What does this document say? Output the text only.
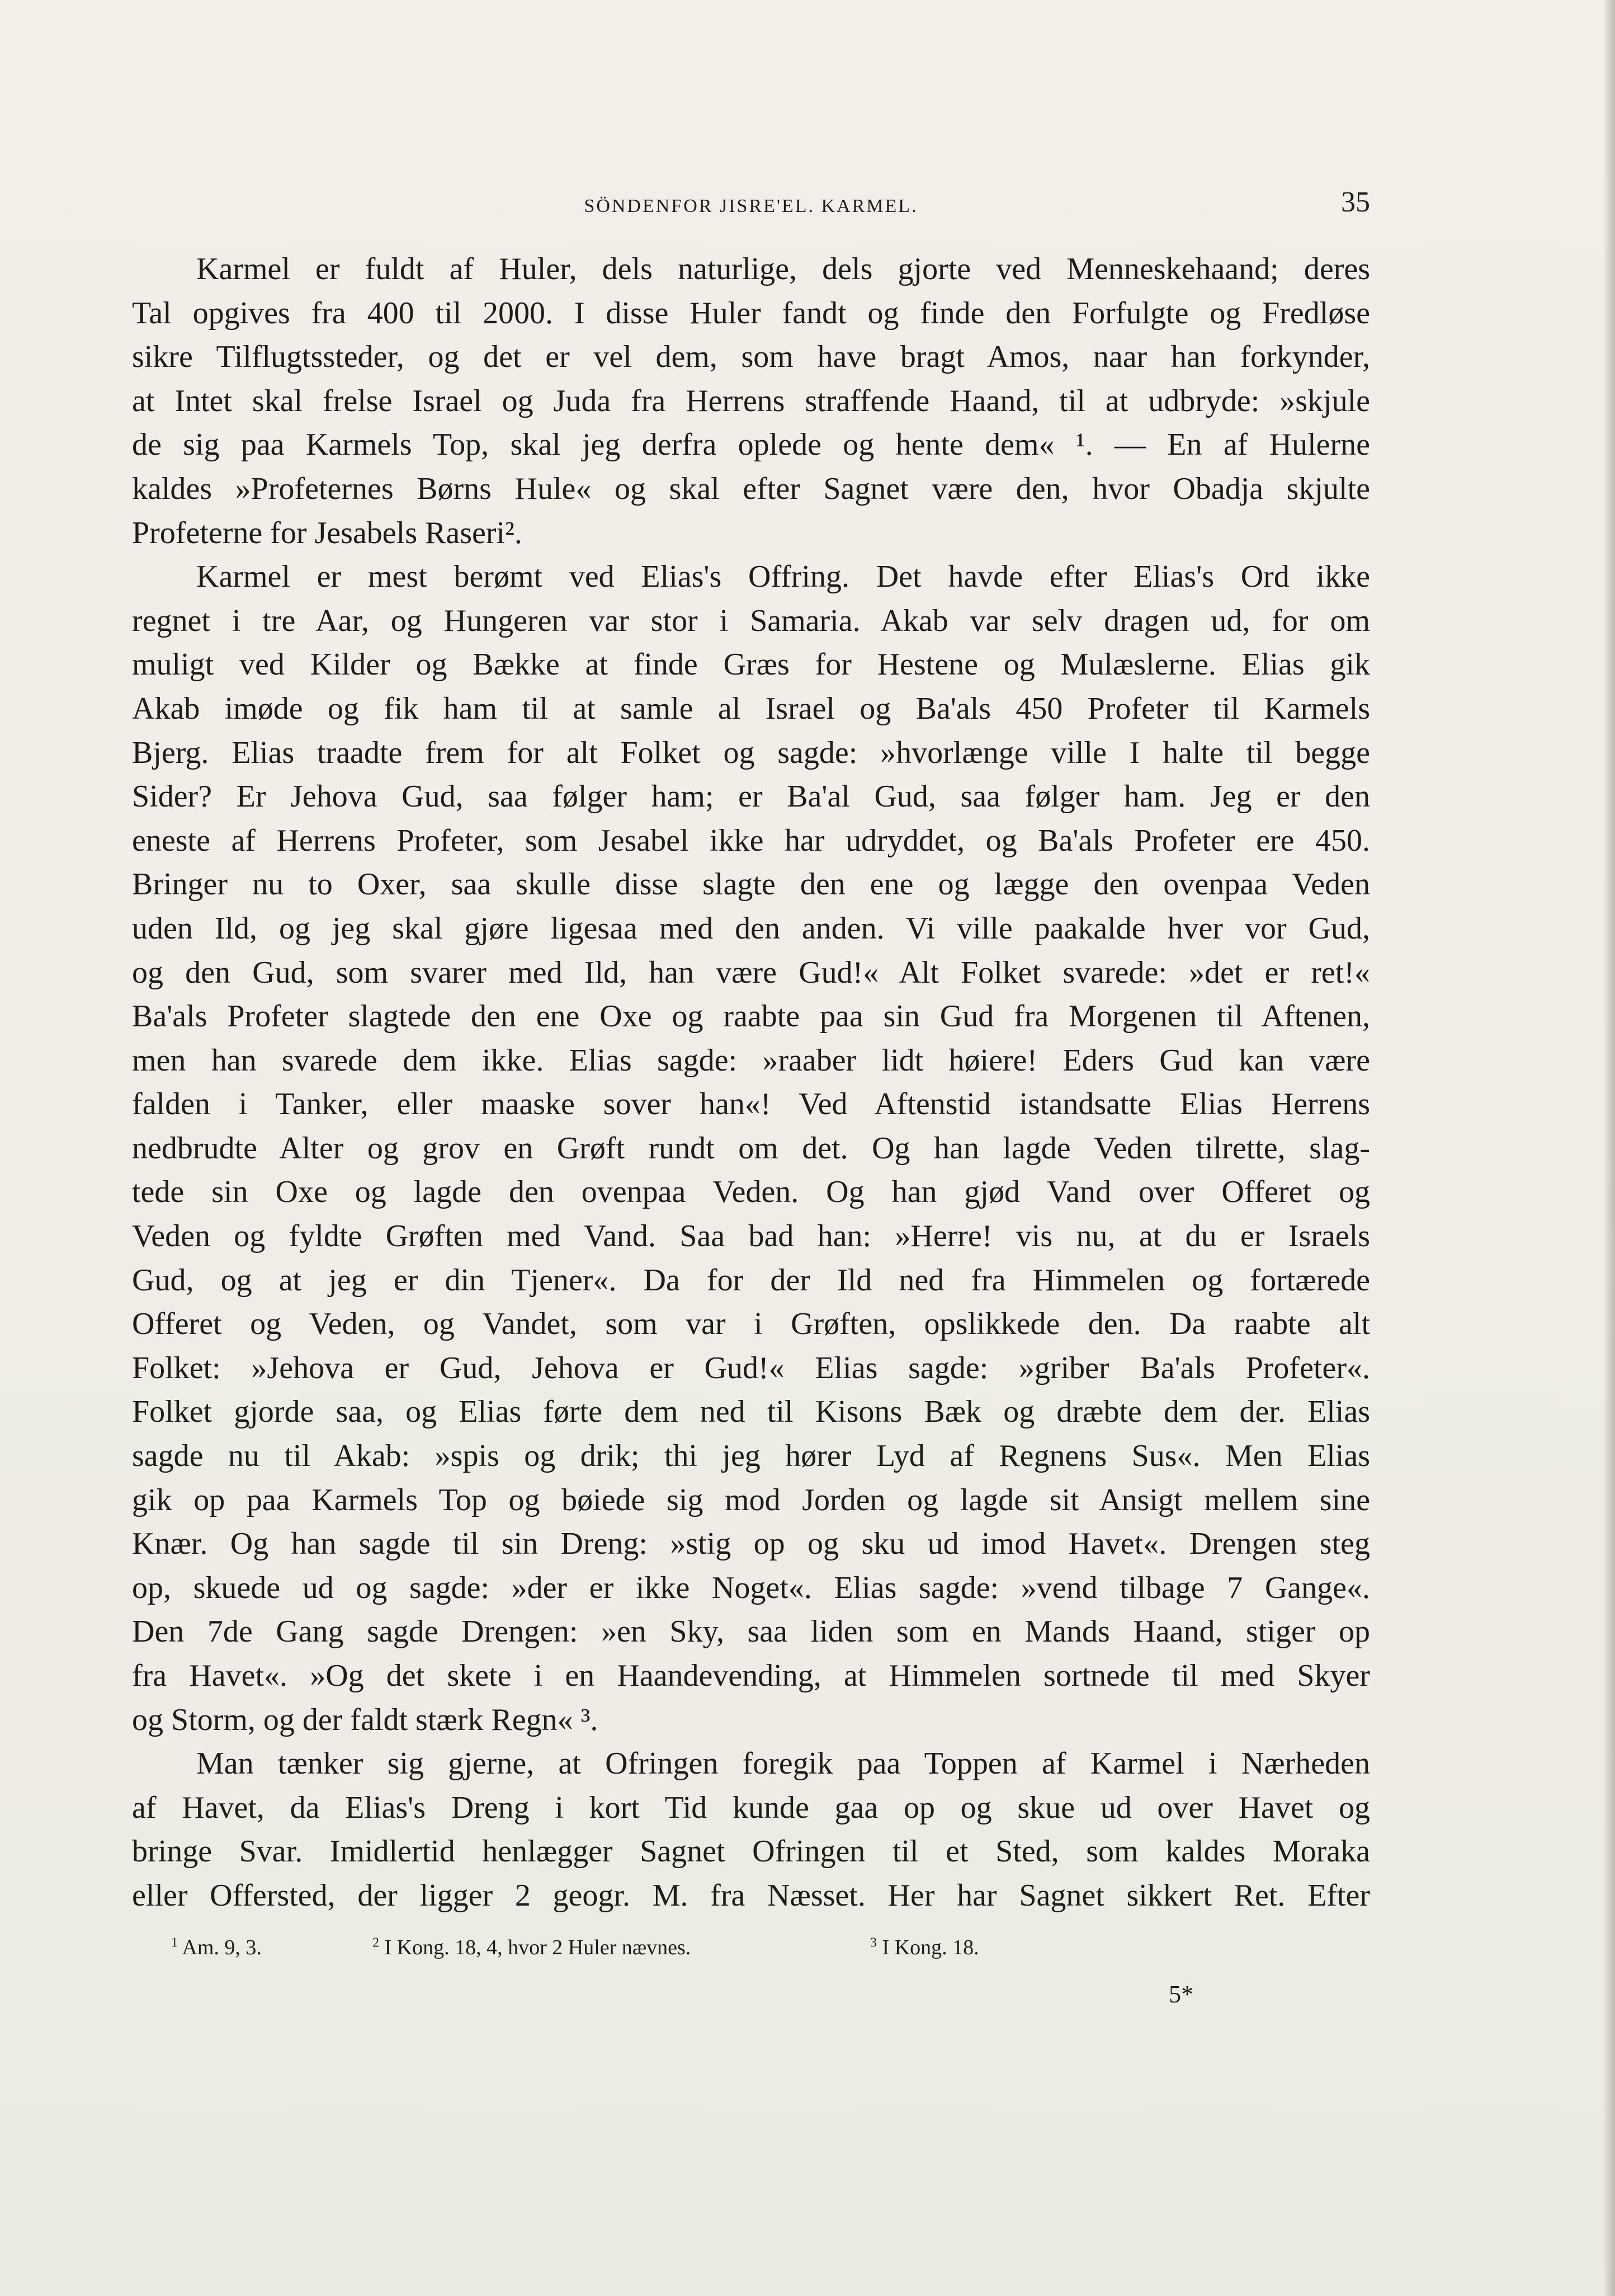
SÖNDENFOR JISRE'EL. KARMEL.	35

Karmel er fuldt af Huler, dels naturlige, dels gjorte ved Menneskehaand; deres

Tal opgives fra 400 til 2000. I disse Huler fandt og finde den Forfulgte og Fredløse

sikre Tilflugtssteder, og det er vel dem, som have bragt Amos, naar han forkynder,

at Intet skal frelse Israel og Juda fra Herrens straffende Haand, til at udbryde: »skjule

de sig paa Karmels Top, skal jeg derfra oplede og hente dem« ¹. — En af Hulerne

kaldes »Profeternes Børns Hule« og skal efter Sagnet være den, hvor Obadja skjulte

Profeterne for Jesabels Raseri².

Karmel er mest berømt ved Elias's Offring. Det havde efter Elias's Ord ikke

regnet i tre Aar, og Hungeren var stor i Samaria. Akab var selv dragen ud, for om

muligt ved Kilder og Bække at finde Græs for Hestene og Mulæslerne. Elias gik

Akab imøde og fik ham til at samle al Israel og Ba'als 450 Profeter til Karmels

Bjerg. Elias traadte frem for alt Folket og sagde: »hvorlænge ville I halte til begge

Sider? Er Jehova Gud, saa følger ham; er Ba'al Gud, saa følger ham. Jeg er den

eneste af Herrens Profeter, som Jesabel ikke har udryddet, og Ba'als Profeter ere 450.

Bringer nu to Oxer, saa skulle disse slagte den ene og lægge den ovenpaa Veden

uden Ild, og jeg skal gjøre ligesaa med den anden. Vi ville paakalde hver vor Gud,

og den Gud, som svarer med Ild, han være Gud!« Alt Folket svarede: »det er ret!«

Ba'als Profeter slagtede den ene Oxe og raabte paa sin Gud fra Morgenen til Aftenen,

men han svarede dem ikke. Elias sagde: »raaber lidt høiere! Eders Gud kan være

falden i Tanker, eller maaske sover han«! Ved Aftenstid istandsatte Elias Herrens

nedbrudte Alter og grov en Grøft rundt om det. Og han lagde Veden tilrette, slag-

tede sin Oxe og lagde den ovenpaa Veden. Og han gjød Vand over Offeret og

Veden og fyldte Grøften med Vand. Saa bad han: »Herre! vis nu, at du er Israels

Gud, og at jeg er din Tjener«. Da for der Ild ned fra Himmelen og fortærede

Offeret og Veden, og Vandet, som var i Grøften, opslikkede den. Da raabte alt

Folket: »Jehova er Gud, Jehova er Gud!« Elias sagde: »griber Ba'als Profeter«.

Folket gjorde saa, og Elias førte dem ned til Kisons Bæk og dræbte dem der. Elias

sagde nu til Akab: »spis og drik; thi jeg hører Lyd af Regnens Sus«. Men Elias

gik op paa Karmels Top og bøiede sig mod Jorden og lagde sit Ansigt mellem sine

Knær. Og han sagde til sin Dreng: »stig op og sku ud imod Havet«. Drengen steg

op, skuede ud og sagde: »der er ikke Noget«. Elias sagde: »vend tilbage 7 Gange«.

Den 7de Gang sagde Drengen: »en Sky, saa liden som en Mands Haand, stiger op

fra Havet«. »Og det skete i en Haandevending, at Himmelen sortnede til med Skyer

og Storm, og der faldt stærk Regn« ³.

Man tænker sig gjerne, at Ofringen foregik paa Toppen af Karmel i Nærheden

af Havet, da Elias's Dreng i kort Tid kunde gaa op og skue ud over Havet og

bringe Svar. Imidlertid henlægger Sagnet Ofringen til et Sted, som kaldes Moraka

eller Offersted, der ligger 2 geogr. M. fra Næsset. Her har Sagnet sikkert Ret. Efter

$^1$ Am. 9, 3.	$^2$ I Kong. 18, 4, hvor 2 Huler nævnes.	$^3$ I Kong. 18.
5*
